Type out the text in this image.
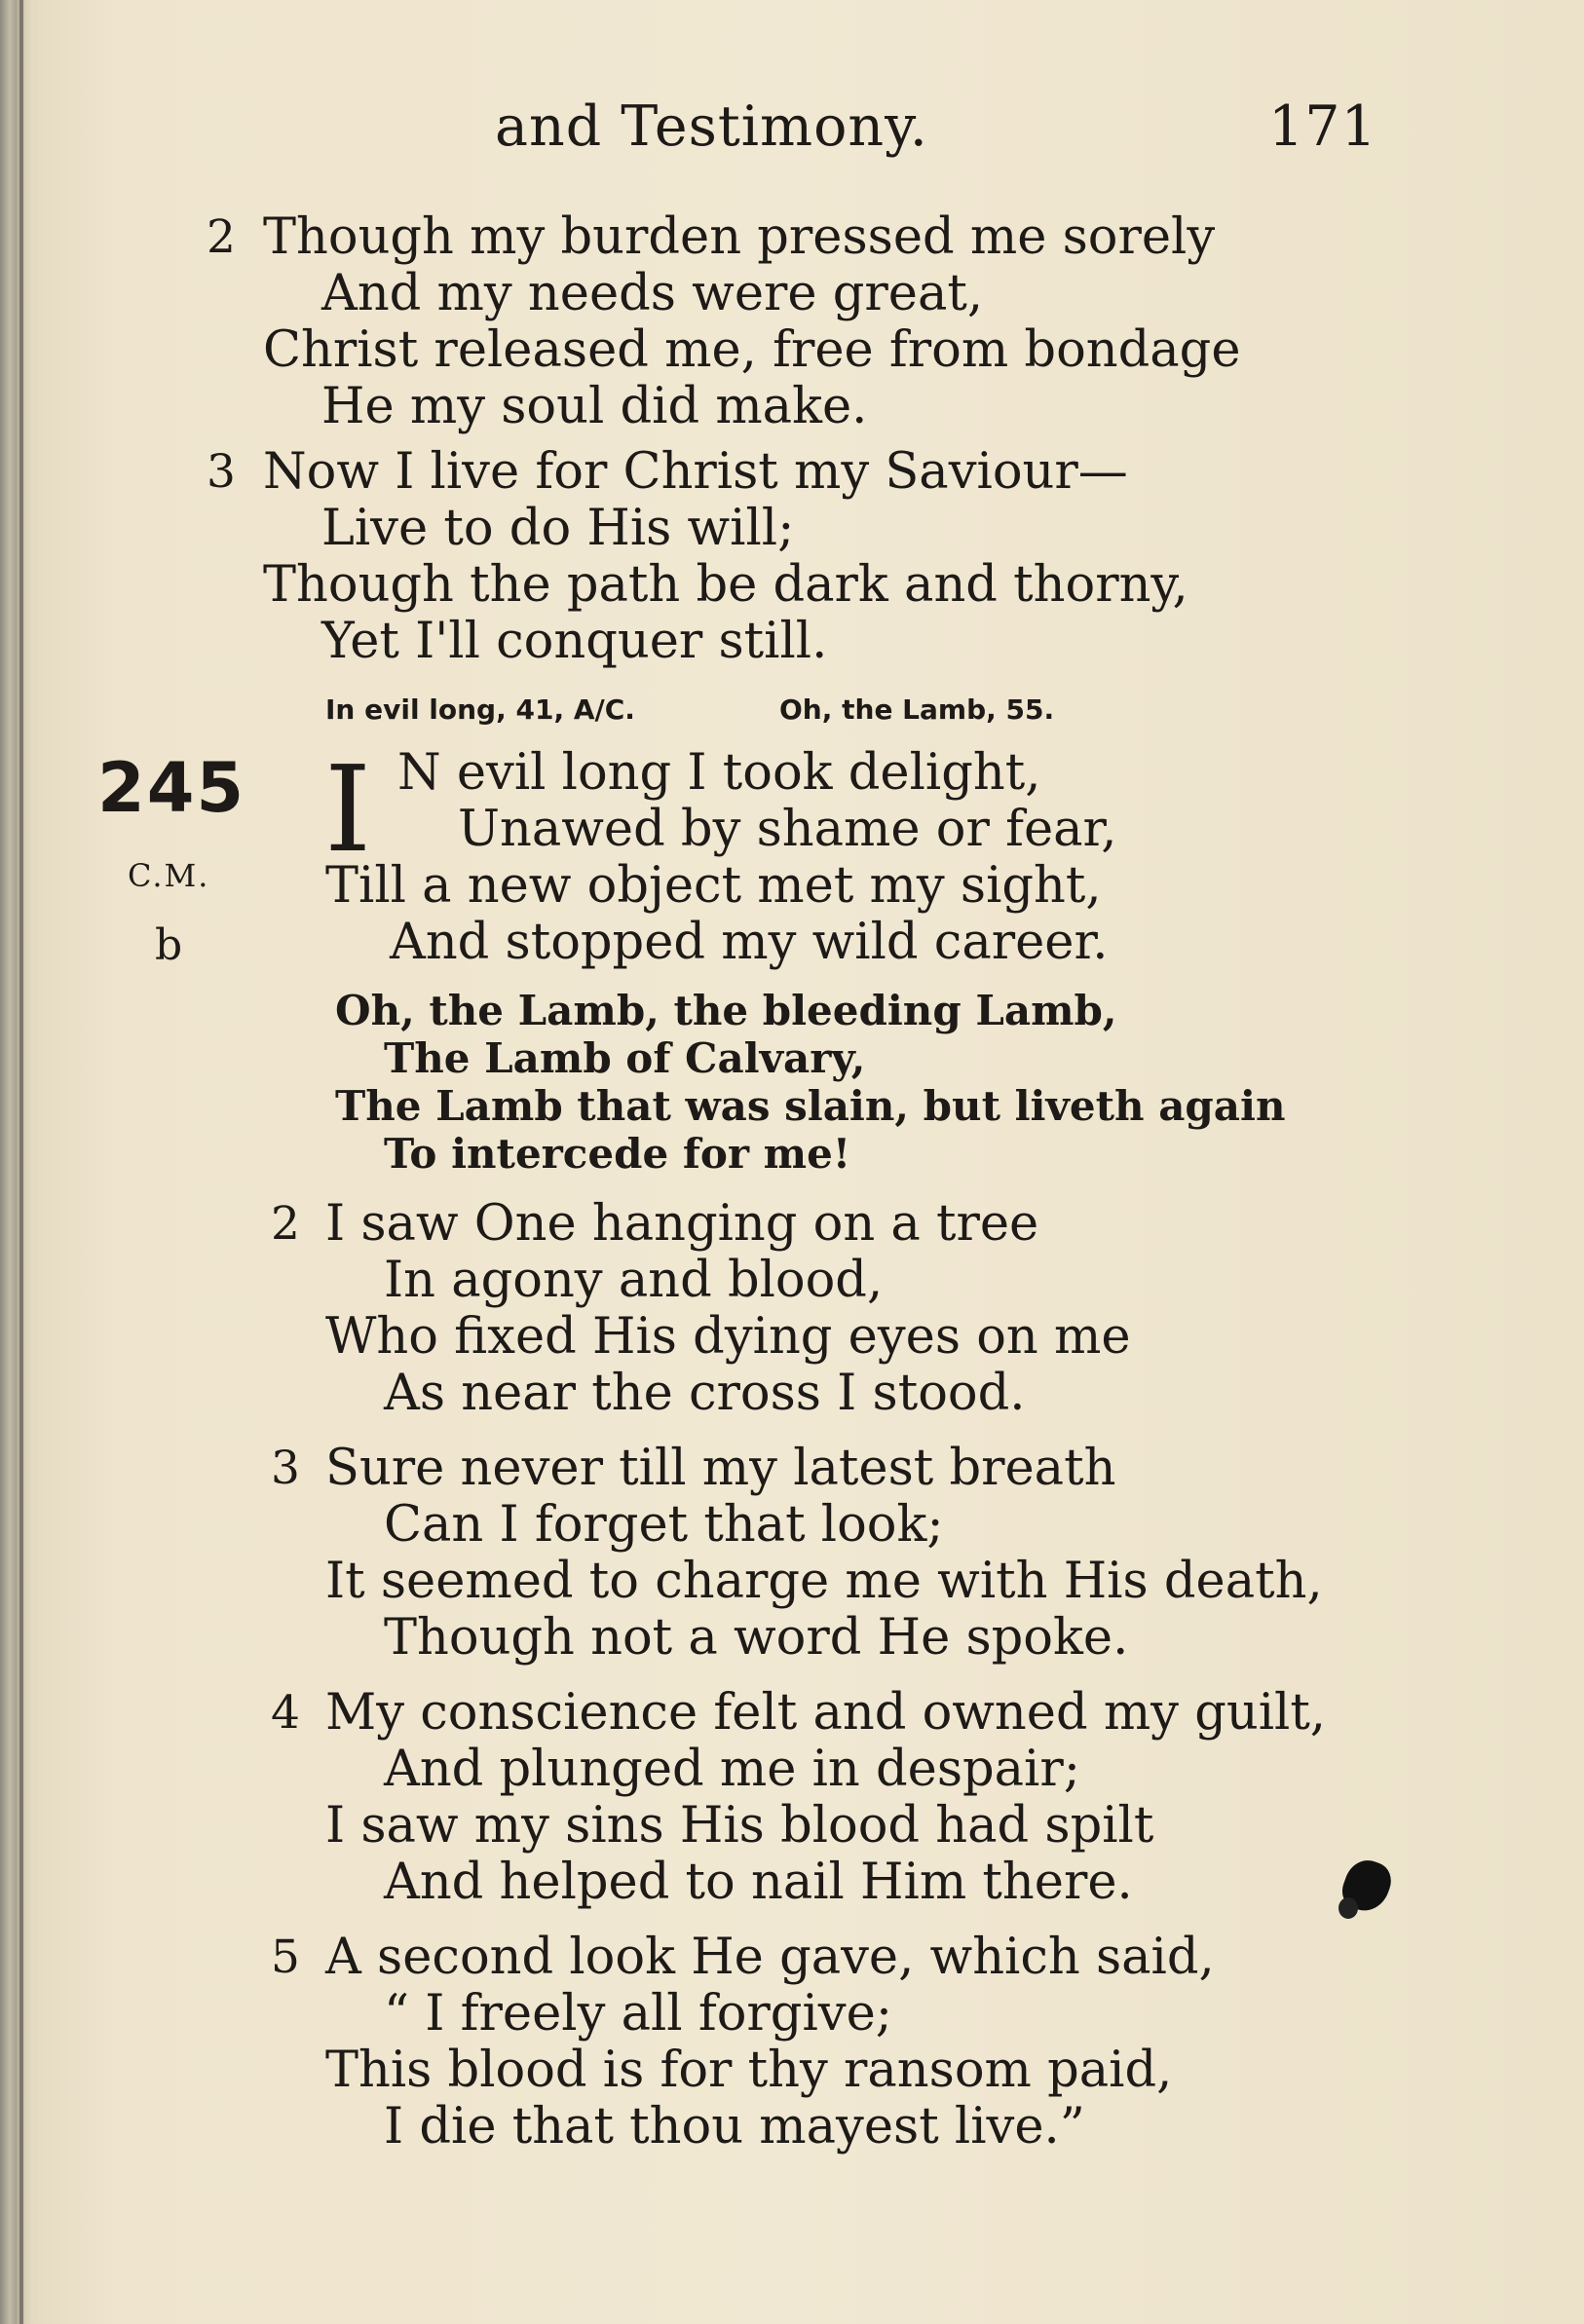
and Testimony.	171
2 Though my burden pressed me sorely
And my needs were great,
Christ released me, free from bondage
He my soul did make.
3 Now I live for Christ my Saviour—
Live to do His will;
Though the path be dark and thorny,
Yet I'll conquer still.
In evil long, 41, A/C.	Oh, the Lamb, 55.
245
C.M.
b
I N evil long I took delight,
Unawed by shame or fear,
Till a new object met my sight,
And stopped my wild career.
Oh, the Lamb, the bleeding Lamb,
The Lamb of Calvary,
The Lamb that was slain, but liveth again
To intercede for me!
2 I saw One hanging on a tree
In agony and blood,
Who fixed His dying eyes on me
As near the cross I stood.
3 Sure never till my latest breath
Can I forget that look;
It seemed to charge me with His death,
Though not a word He spoke.
4 My conscience felt and owned my guilt,
And plunged me in despair;
I saw my sins His blood had spilt
And helped to nail Him there.
5 A second look He gave, which said,
“ I freely all forgive;
This blood is for thy ransom paid,
I die that thou mayest live.”
